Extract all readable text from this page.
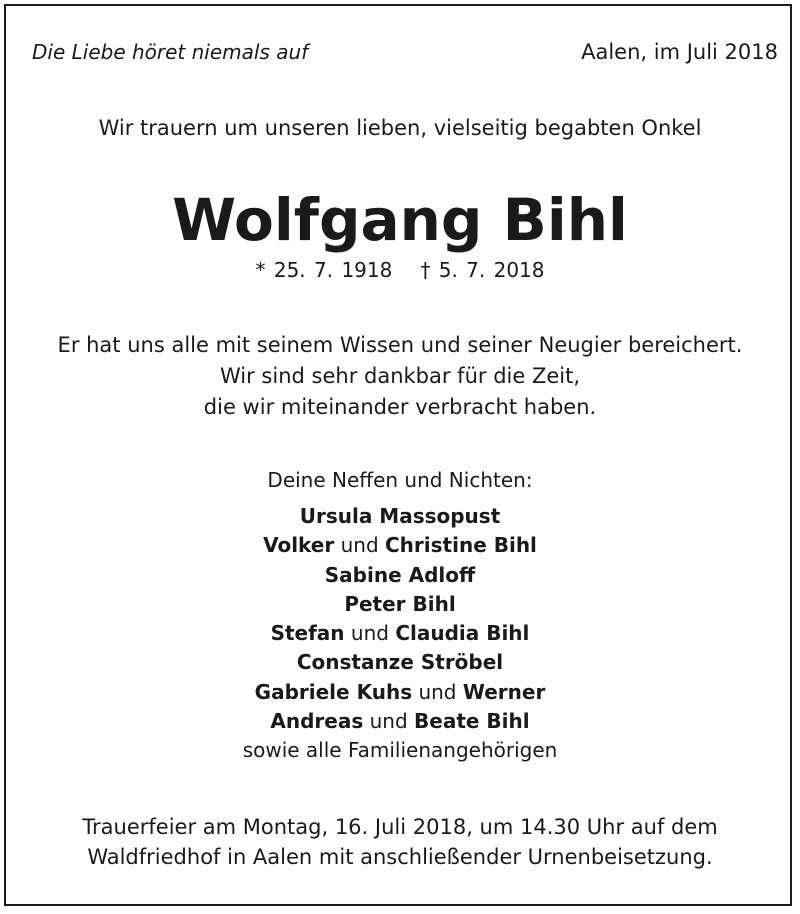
Die Liebe höret niemals auf	Aalen, im Juli 2018
Wir trauern um unseren lieben, vielseitig begabten Onkel
Wolfgang Bihl
* 25. 7. 1918 † 5. 7. 2018
Er hat uns alle mit seinem Wissen und seiner Neugier bereichert.
Wir sind sehr dankbar für die Zeit,
die wir miteinander verbracht haben.
Deine Neffen und Nichten:
Ursula Massopust
Volker und Christine Bihl
Sabine Adloff
Peter Bihl
Stefan und Claudia Bihl
Constanze Ströbel
Gabriele Kuhs und Werner
Andreas und Beate Bihl
sowie alle Familienangehörigen
Trauerfeier am Montag, 16. Juli 2018, um 14.30 Uhr auf dem
Waldfriedhof in Aalen mit anschließender Urnenbeisetzung.
